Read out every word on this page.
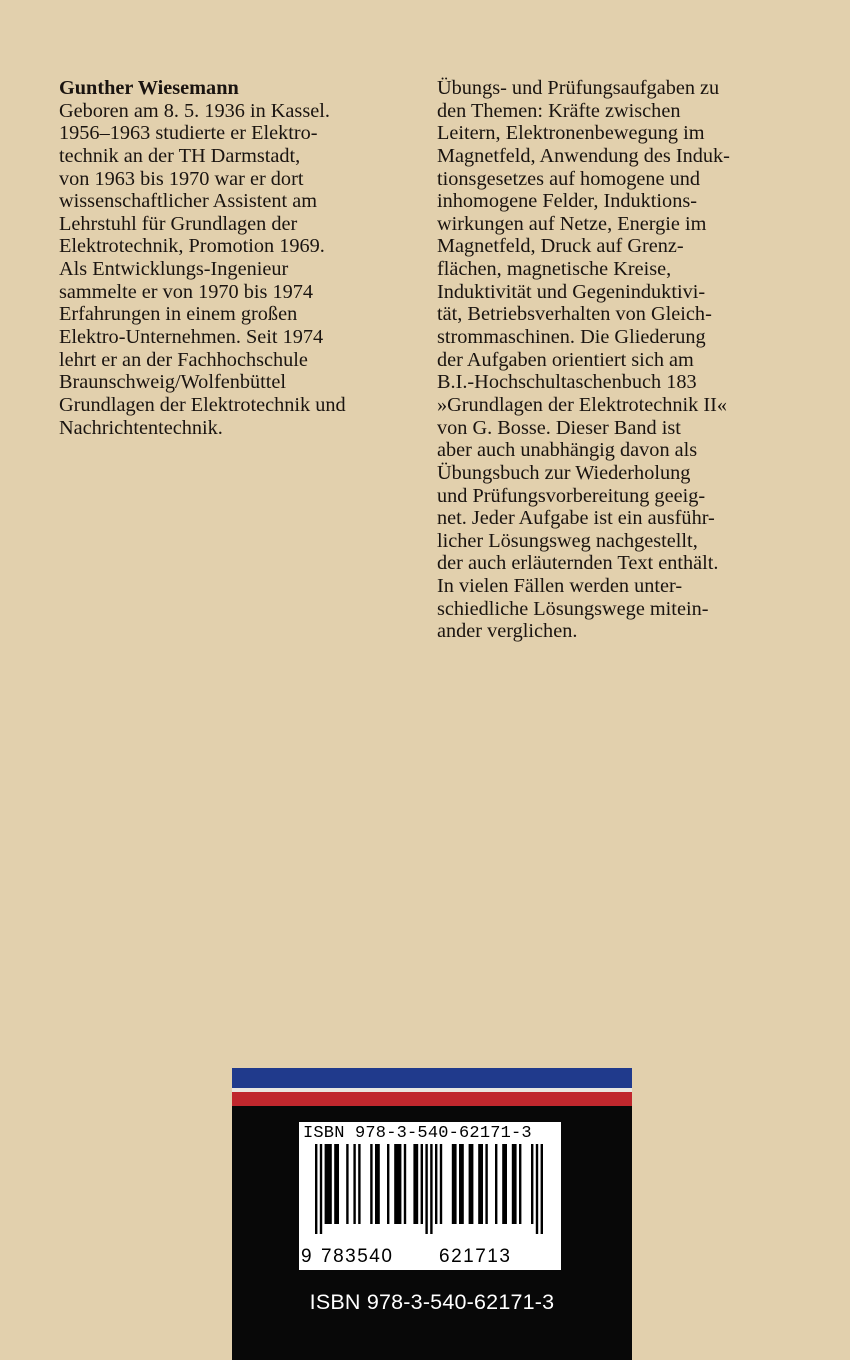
Gunther Wiesemann
Geboren am 8. 5. 1936 in Kassel.
1956–1963 studierte er Elektro-
technik an der TH Darmstadt,
von 1963 bis 1970 war er dort
wissenschaftlicher Assistent am
Lehrstuhl für Grundlagen der
Elektrotechnik, Promotion 1969.
Als Entwicklungs-Ingenieur
sammelte er von 1970 bis 1974
Erfahrungen in einem großen
Elektro-Unternehmen. Seit 1974
lehrt er an der Fachhochschule
Braunschweig/Wolfenbüttel
Grundlagen der Elektrotechnik und
Nachrichtentechnik.
Übungs- und Prüfungsaufgaben zu
den Themen: Kräfte zwischen
Leitern, Elektronenbewegung im
Magnetfeld, Anwendung des Induk-
tionsgesetzes auf homogene und
inhomogene Felder, Induktions-
wirkungen auf Netze, Energie im
Magnetfeld, Druck auf Grenz-
flächen, magnetische Kreise,
Induktivität und Gegeninduktivi-
tät, Betriebsverhalten von Gleich-
strommaschinen. Die Gliederung
der Aufgaben orientiert sich am
B.I.-Hochschultaschenbuch 183
»Grundlagen der Elektrotechnik II«
von G. Bosse. Dieser Band ist
aber auch unabhängig davon als
Übungsbuch zur Wiederholung
und Prüfungsvorbereitung geeig-
net. Jeder Aufgabe ist ein ausführ-
licher Lösungsweg nachgestellt,
der auch erläuternden Text enthält.
In vielen Fällen werden unter-
schiedliche Lösungswege mitein-
ander verglichen.
ISBN 978-3-540-62171-3
9 783540 621713
ISBN 978-3-540-62171-3
